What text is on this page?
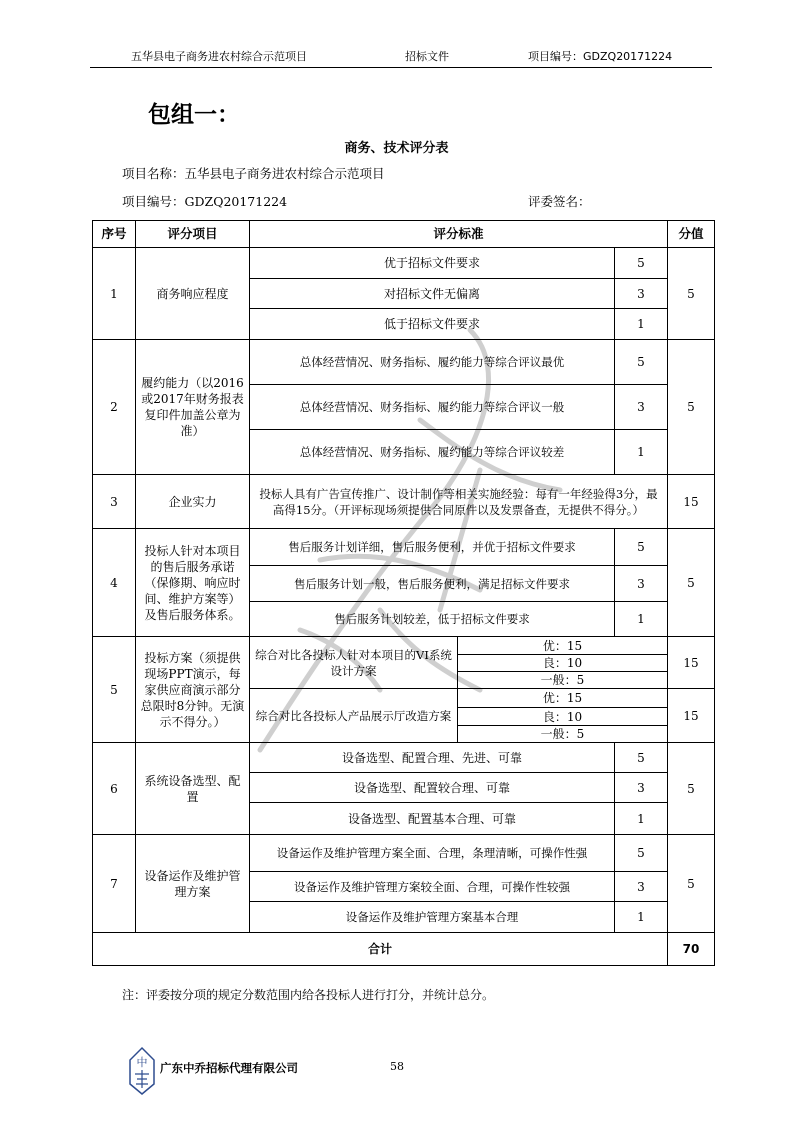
五华县电子商务进农村综合示范项目	招标文件	项目编号：GDZQ20171224
包组一：
商务、技术评分表
项目名称：五华县电子商务进农村综合示范项目
项目编号：GDZQ20171224	评委签名：
序号	评分项目	评分标准			分值
1	商务响应程度	优于招标文件要求		5	5
		对招标文件无偏离		3	
		低于招标文件要求		1	
2	履约能力（以2016或2017年财务报表复印件加盖公章为准）	总体经营情况、财务指标、履约能力等综合评议最优		5	5
		总体经营情况、财务指标、履约能力等综合评议一般		3	
		总体经营情况、财务指标、履约能力等综合评议较差		1	
3	企业实力	投标人具有广告宣传推广、设计制作等相关实施经验：每有一年经验得3分，最高得15分。（开评标现场须提供合同原件以及发票备查，无提供不得分。）			15
4	投标人针对本项目的售后服务承诺（保修期、响应时间、维护方案等）及售后服务体系。	售后服务计划详细，售后服务便利，并优于招标文件要求		5	5
		售后服务计划一般，售后服务便利，满足招标文件要求		3	
		售后服务计划较差，低于招标文件要求		1	
5	投标方案（须提供现场PPT演示，每家供应商演示部分总限时8分钟。无演示不得分。）	综合对比各投标人针对本项目的VI系统设计方案	优：15		15
			良：10		
			一般：5		
		综合对比各投标人产品展示厅改造方案	优：15		15
			良：10		
			一般：5		
6	系统设备选型、配置	设备选型、配置合理、先进、可靠		5	5
		设备选型、配置较合理、可靠		3	
		设备选型、配置基本合理、可靠		1	
7	设备运作及维护管理方案	设备运作及维护管理方案全面、合理，条理清晰，可操作性强		5	5
		设备运作及维护管理方案较全面、合理，可操作性较强		3	
		设备运作及维护管理方案基本合理		1	
合计					70
注：评委按分项的规定分数范围内给各投标人进行打分，并统计总分。
中 广东中乔招标代理有限公司	58
